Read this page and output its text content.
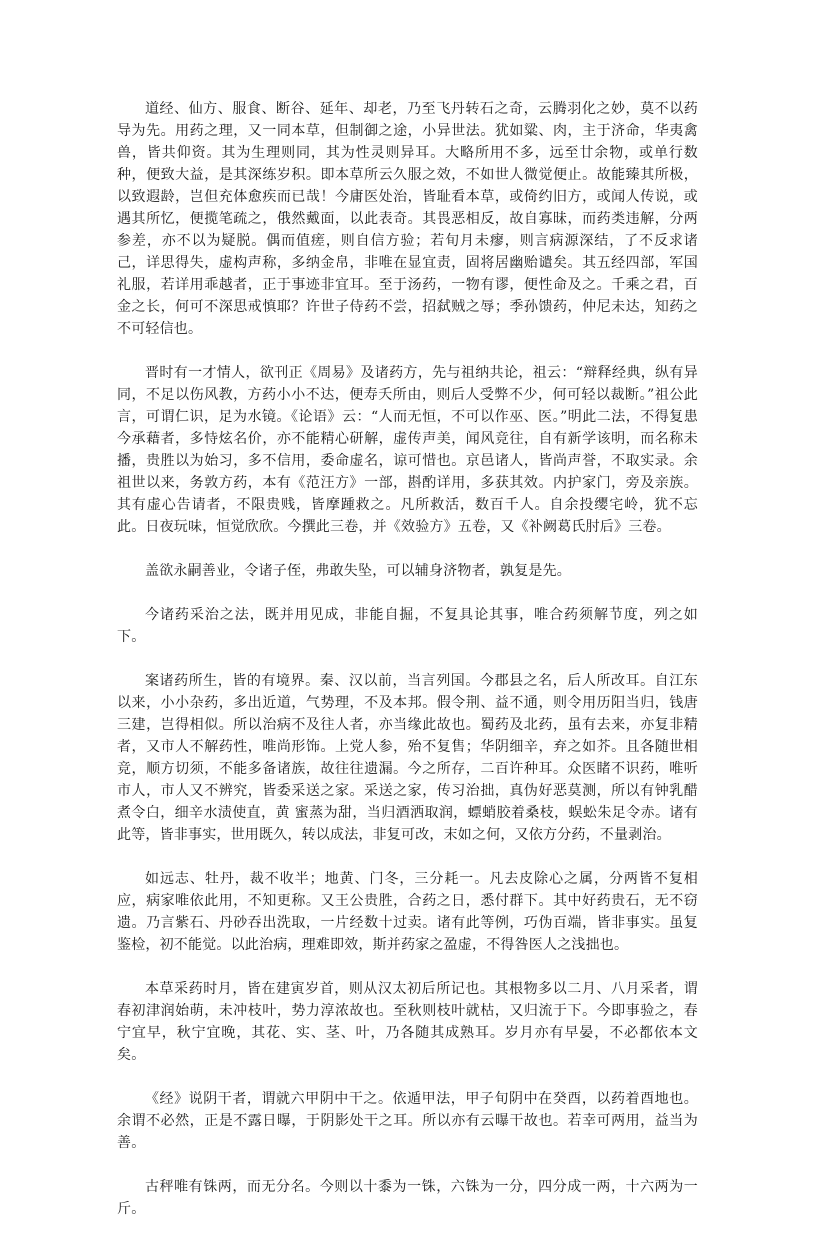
道经、仙方、服食、断谷、延年、却老，乃至飞丹转石之奇，云腾羽化之妙，莫不以药导为先。用药之理，又一同本草，但制御之途，小异世法。犹如粱、肉，主于济命，华夷禽兽，皆共仰资。其为生理则同，其为性灵则异耳。大略所用不多，远至廿余物，或单行数种，便致大益，是其深练岁积。即本草所云久服之效，不如世人微觉便止。故能臻其所极，以致遐龄，岂但充体愈疾而已哉！今庸医处治，皆耻看本草，或倚约旧方，或闻人传说，或遇其所忆，便揽笔疏之，俄然戴面，以此表奇。其畏恶相反，故自寡昧，而药类违解，分两参差，亦不以为疑脱。偶而值瘥，则自信方验；若旬月未瘳，则言病源深结，了不反求诸己，详思得失，虚构声称，多纳金帛，非唯在显宜责，固将居幽贻谴矣。其五经四部，军国礼服，若详用乖越者，正于事迹非宜耳。至于汤药，一物有谬，便性命及之。千乘之君，百金之长，何可不深思戒慎耶？许世子侍药不尝，招弑贼之辱；季孙馈药，仲尼未达，知药之不可轻信也。

晋时有一才情人，欲刊正《周易》及诸药方，先与祖纳共论，祖云：“辩释经典，纵有异同，不足以伤风教，方药小小不达，便寿夭所由，则后人受弊不少，何可轻以裁断。”祖公此言，可谓仁识，足为水镜。《论语》云：“人而无恒，不可以作巫、医。”明此二法，不得复患今承藉者，多恃炫名价，亦不能精心研解，虚传声美，闻风竞往，自有新学该明，而名称未播，贵胜以为始习，多不信用，委命虚名，谅可惜也。京邑诸人，皆尚声誉，不取实录。余祖世以来，务敦方药，本有《范汪方》一部，斟酌详用，多获其效。内护家门，旁及亲族。其有虚心告请者，不限贵贱，皆摩踵救之。凡所救活，数百千人。自余投缨宅岭，犹不忘此。日夜玩味，恒觉欣欣。今撰此三卷，并《效验方》五卷，又《补阙葛氏肘后》三卷。

盖欲永嗣善业，令诸子侄，弗敢失坠，可以辅身济物者，孰复是先。

今诸药采治之法，既并用见成，非能自掘，不复具论其事，唯合药须解节度，列之如下。

案诸药所生，皆的有境界。秦、汉以前，当言列国。今郡县之名，后人所改耳。自江东以来，小小杂药，多出近道，气势理，不及本邦。假令荆、益不通，则令用历阳当归，钱唐三建，岂得相似。所以治病不及往人者，亦当缘此故也。蜀药及北药，虽有去来，亦复非精者，又市人不解药性，唯尚形饰。上党人参，殆不复售；华阴细辛，弃之如芥。且各随世相竞，顺方切须，不能多备诸族，故往往遗漏。今之所存，二百许种耳。众医睹不识药，唯听市人，市人又不辨究，皆委采送之家。采送之家，传习治拙，真伪好恶莫测，所以有钟乳醋煮令白，细辛水渍使直，黄 蜜蒸为甜，当归酒洒取润，螵蛸胶着桑枝，蜈蚣朱足令赤。诸有此等，皆非事实，世用既久，转以成法，非复可改，末如之何，又依方分药，不量剥治。

如远志、牡丹，裁不收半；地黄、门冬，三分耗一。凡去皮除心之属，分两皆不复相应，病家唯依此用，不知更称。又王公贵胜，合药之日，悉付群下。其中好药贵石，无不窃遗。乃言紫石、丹砂吞出洗取，一片经数十过卖。诸有此等例，巧伪百端，皆非事实。虽复鉴检，初不能觉。以此治病，理难即效，斯并药家之盈虚，不得咎医人之浅拙也。

本草采药时月，皆在建寅岁首，则从汉太初后所记也。其根物多以二月、八月采者，谓春初津润始萌，未冲枝叶，势力淳浓故也。至秋则枝叶就枯，又归流于下。今即事验之，春宁宜早，秋宁宜晚，其花、实、茎、叶，乃各随其成熟耳。岁月亦有早晏，不必都依本文矣。

《经》说阴干者，谓就六甲阴中干之。依遁甲法，甲子旬阴中在癸酉，以药着酉地也。余谓不必然，正是不露日曝，于阴影处干之耳。所以亦有云曝干故也。若幸可两用，益当为善。

古秤唯有铢两，而无分名。今则以十黍为一铢，六铢为一分，四分成一两，十六两为一斤。
